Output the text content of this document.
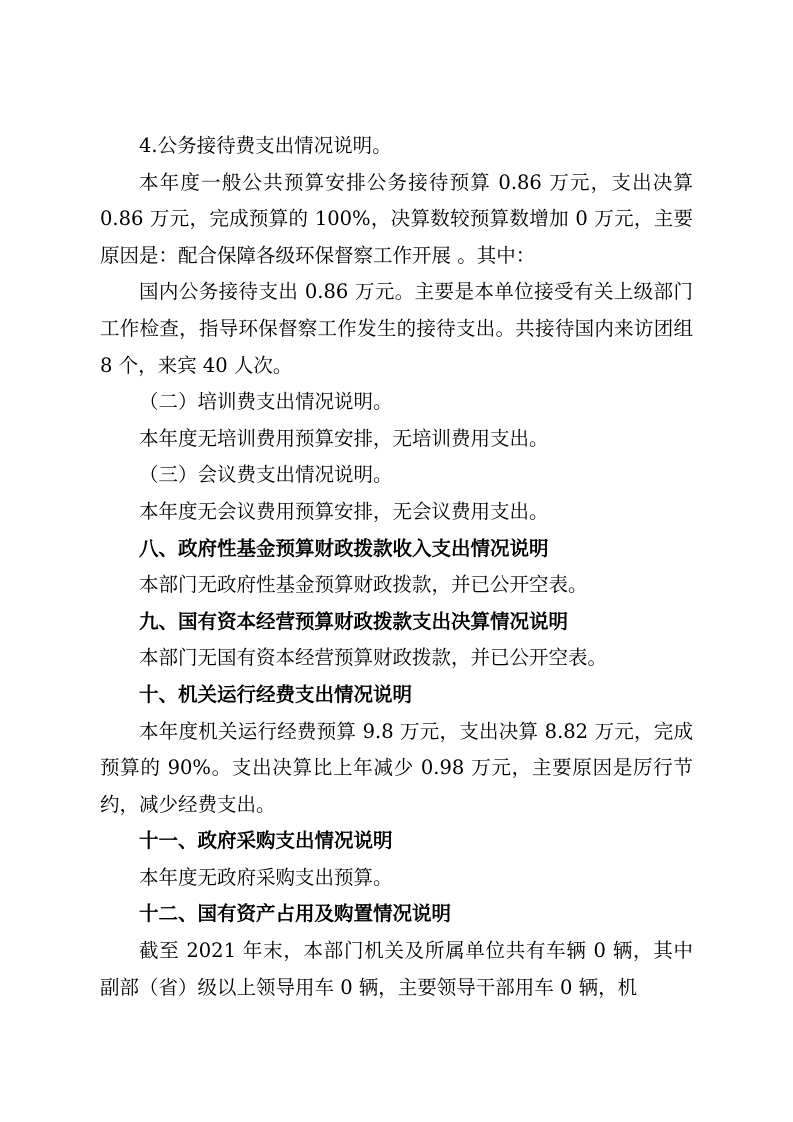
4.公务接待费支出情况说明。

本年度一般公共预算安排公务接待预算 0.86 万元，支出决算 0.86 万元，完成预算的 100%，决算数较预算数增加 0 万元，主要原因是：配合保障各级环保督察工作开展 。其中：

国内公务接待支出 0.86 万元。主要是本单位接受有关上级部门工作检查，指导环保督察工作发生的接待支出。共接待国内来访团组 8 个，来宾 40 人次。

（二）培训费支出情况说明。

本年度无培训费用预算安排，无培训费用支出。

（三）会议费支出情况说明。

本年度无会议费用预算安排，无会议费用支出。

八、政府性基金预算财政拨款收入支出情况说明

本部门无政府性基金预算财政拨款，并已公开空表。

九、国有资本经营预算财政拨款支出决算情况说明

本部门无国有资本经营预算财政拨款，并已公开空表。

十、机关运行经费支出情况说明

本年度机关运行经费预算 9.8 万元，支出决算 8.82 万元，完成预算的 90%。支出决算比上年减少 0.98 万元，主要原因是厉行节约，减少经费支出。

十一、政府采购支出情况说明

本年度无政府采购支出预算。

十二、国有资产占用及购置情况说明

截至 2021 年末，本部门机关及所属单位共有车辆 0 辆，其中副部（省）级以上领导用车 0 辆，主要领导干部用车 0 辆，机
